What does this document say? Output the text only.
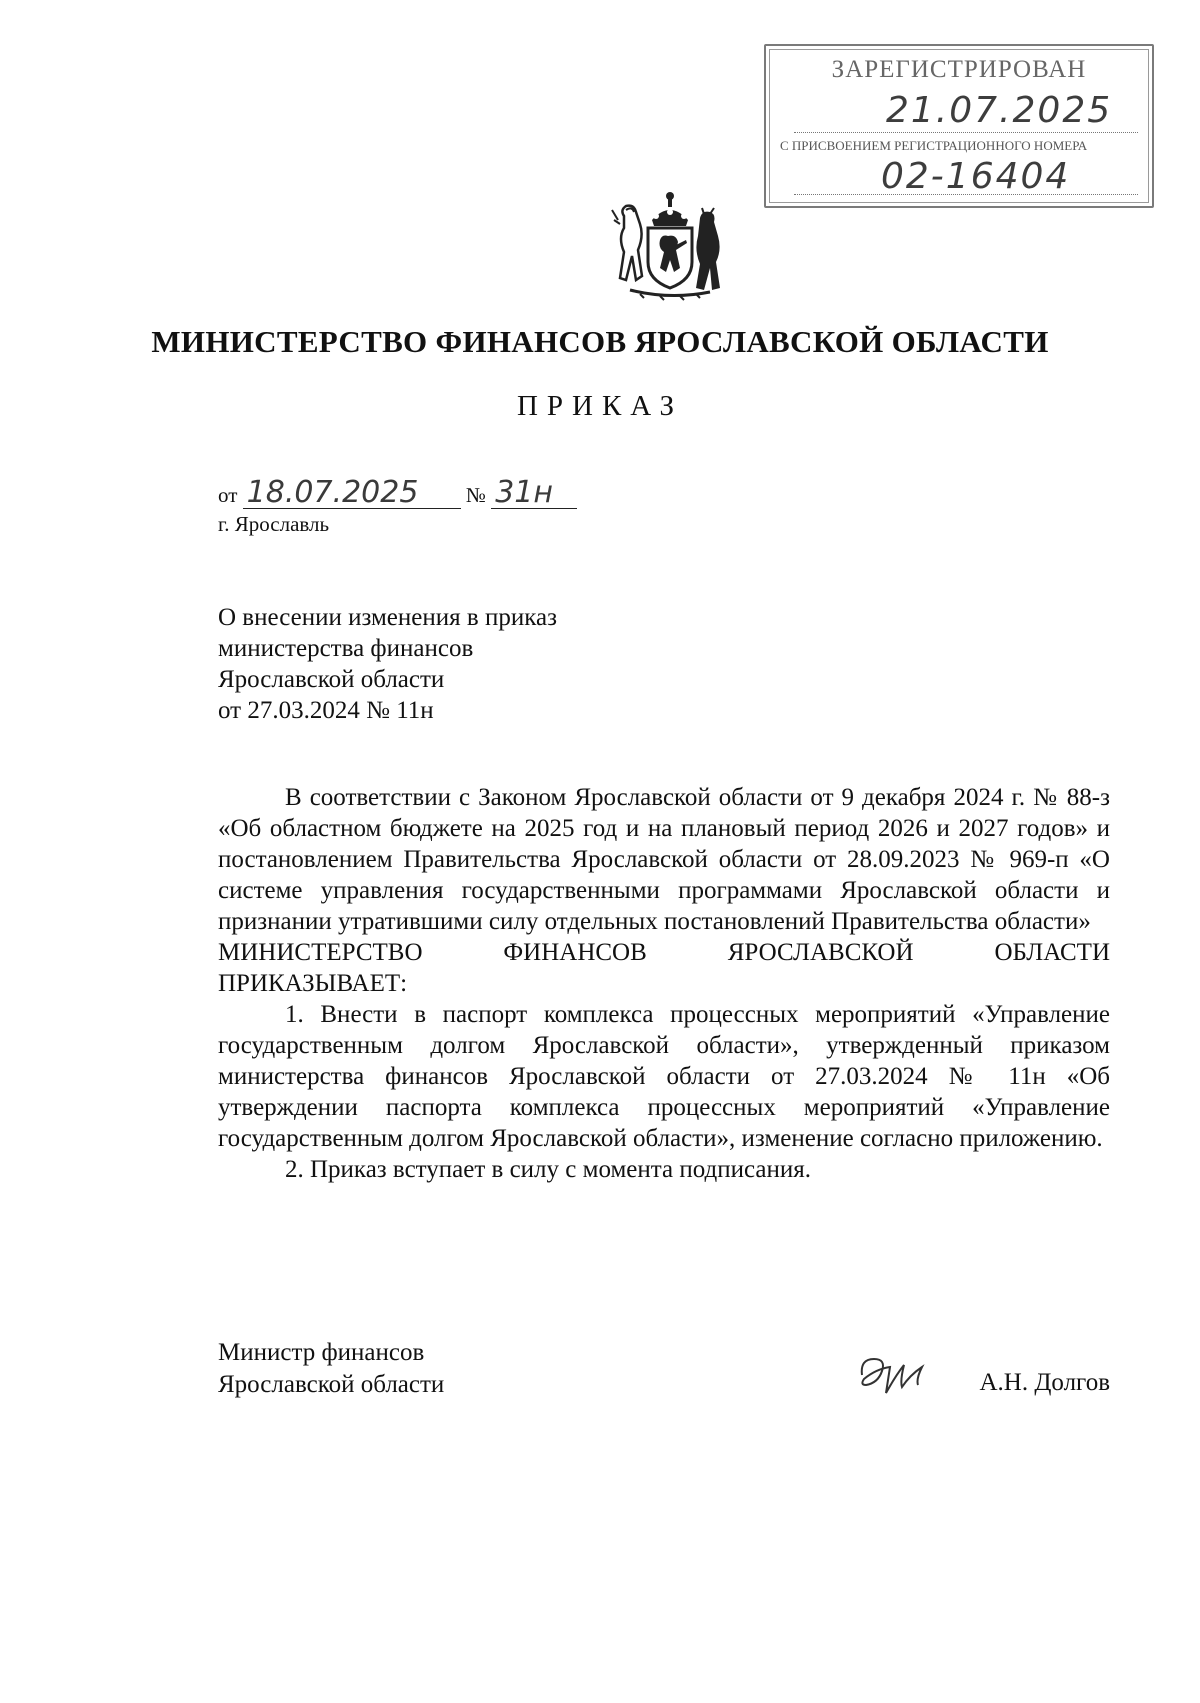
ЗАРЕГИСТРИРОВАН
21.07.2025
С ПРИСВОЕНИЕМ РЕГИСТРАЦИОННОГО НОМЕРА
02-16404
МИНИСТЕРСТВО ФИНАНСОВ ЯРОСЛАВСКОЙ ОБЛАСТИ
ПРИКАЗ
от 18.07.2025 № 31н
г. Ярославль
О внесении изменения в приказ
министерства финансов
Ярославской области
от 27.03.2024 № 11н

В соответствии с Законом Ярославской области от 9 декабря 2024 г. № 88-з «Об областном бюджете на 2025 год и на плановый период 2026 и 2027 годов» и постановлением Правительства Ярославской области от 28.09.2023 № 969-п «О системе управления государственными программами Ярославской области и признании утратившими силу отдельных постановлений Правительства области»

МИНИСТЕРСТВО ФИНАНСОВ ЯРОСЛАВСКОЙ ОБЛАСТИ

ПРИКАЗЫВАЕТ:

1. Внести в паспорт комплекса процессных мероприятий «Управление государственным долгом Ярославской области», утвержденный приказом министерства финансов Ярославской области от 27.03.2024 № 11н «Об утверждении паспорта комплекса процессных мероприятий «Управление государственным долгом Ярославской области», изменение согласно приложению.

2. Приказ вступает в силу с момента подписания.

Министр финансов
Ярославской области	А.Н. Долгов
